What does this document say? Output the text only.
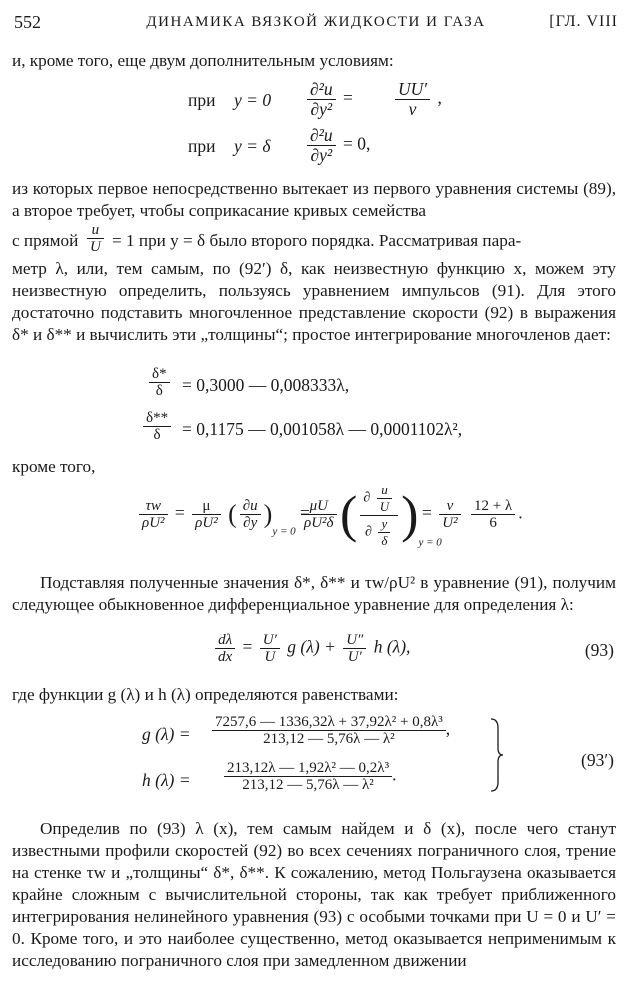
552	ДИНАМИКА ВЯЗКОЙ ЖИДКОСТИ И ГАЗА	[ГЛ. VIII

и, кроме того, еще двум дополнительным условиям:

при $y = 0 \frac{\text{∂²u}}{\text{∂y²}} = \frac{UU'}{\nu}$ ,
при y = δ $\frac{\text{∂²u}}{\text{∂y²}} = 0$,

из которых первое непосредственно вытекает из первого уравнения системы (89), а второе требует, чтобы соприкасание кривых семейства

с прямой $\frac{u}{U} = 1$ при y = δ было второго порядка. Рассматривая пара-

метр λ, или, тем самым, по (92′) δ, как неизвестную функцию x, можем эту неизвестную определить, пользуясь уравнением импульсов (91). Для этого достаточно подставить многочленное представление скорости (92) в выражения δ* и δ** и вычислить эти „толщины“; простое интегрирование многочленов дает:

$\frac{\delta*}{\delta} = 0,3000$ — 0,008333λ,
$\frac{\delta**}{\delta} = 0,1175$ — 0,001058λ — 0,0001102λ²,

кроме того,

$\frac{\tau w}{\text{ρU²}} = \frac{\mu}{\text{ρU²}}$ ( $\frac{\partial u}{\partial y} )_{y = 0}$ =
$\frac{\mu U}{\text{ρU²δ}}$ ( $\frac{\partial \frac{u}{U}}{\partial \frac{y}{\delta}} )_{y = 0}$
= $\frac{\nu}{\text{U²}}$
$\frac{12 + \lambda}{6}$ .

Подставляя полученные значения δ*, δ** и τw/ρU² в уравнение (91), получим следующее обыкновенное дифференциальное уравнение для определения λ:

$\frac{d\lambda}{dx} = \frac{U'}{U}$ g $(\lambda) + \frac{U''}{U'}$ h (λ),	(93)

где функции g (λ) и h (λ) определяются равенствами:

g $(\lambda) = \frac{\text{7257,6 — 1336,32λ + 37,92λ² + 0,8λ³}}{\text{213,12 — 5,76λ — λ²}}$ ,
h $(\lambda) = \frac{\text{213,12λ — 1,92λ² — 0,2λ³}}{\text{213,12 — 5,76λ — λ²}}$ .
(93′)

Определив по (93) λ (x), тем самым найдем и δ (x), после чего станут известными профили скоростей (92) во всех сечениях пограничного слоя, трение на стенке τw и „толщины“ δ*, δ**. К сожалению, метод Польгаузена оказывается крайне сложным с вычислительной стороны, так как требует приближенного интегрирования нелинейного уравнения (93) с особыми точками при U = 0 и U′ = 0. Кроме того, и это наиболее существенно, метод оказывается неприменимым к исследованию пограничного слоя при замедленном движении
